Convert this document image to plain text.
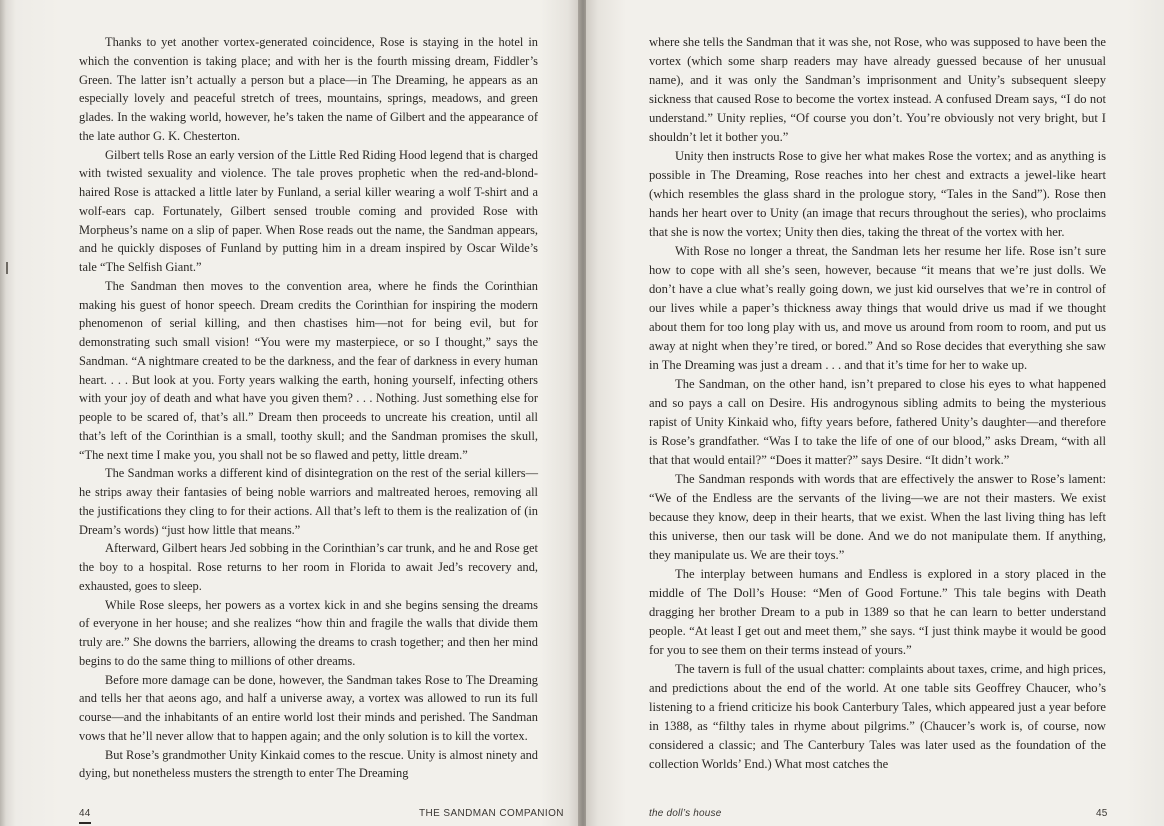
Thanks to yet another vortex-generated coincidence, Rose is staying in the hotel in which the convention is taking place; and with her is the fourth missing dream, Fiddler’s Green. The latter isn’t actually a person but a place—in The Dreaming, he appears as an especially lovely and peaceful stretch of trees, mountains, springs, meadows, and green glades. In the waking world, however, he’s taken the name of Gilbert and the appearance of the late author G. K. Chesterton.

Gilbert tells Rose an early version of the Little Red Riding Hood legend that is charged with twisted sexuality and violence. The tale proves prophetic when the red-and-blond-haired Rose is attacked a little later by Funland, a serial killer wearing a wolf T-shirt and a wolf-ears cap. Fortunately, Gilbert sensed trouble coming and provided Rose with Morpheus’s name on a slip of paper. When Rose reads out the name, the Sandman appears, and he quickly disposes of Funland by putting him in a dream inspired by Oscar Wilde’s tale “The Selfish Giant.”

The Sandman then moves to the convention area, where he finds the Corinthian making his guest of honor speech. Dream credits the Corinthian for inspiring the modern phenomenon of serial killing, and then chastises him—not for being evil, but for demonstrating such small vision! “You were my masterpiece, or so I thought,” says the Sandman. “A nightmare created to be the darkness, and the fear of darkness in every human heart. . . . But look at you. Forty years walking the earth, honing yourself, infecting others with your joy of death and what have you given them? . . . Nothing. Just something else for people to be scared of, that’s all.” Dream then proceeds to uncreate his creation, until all that’s left of the Corinthian is a small, toothy skull; and the Sandman promises the skull, “The next time I make you, you shall not be so flawed and petty, little dream.”

The Sandman works a different kind of disintegration on the rest of the serial killers—he strips away their fantasies of being noble warriors and maltreated heroes, removing all the justifications they cling to for their actions. All that’s left to them is the realization of (in Dream’s words) “just how little that means.”

Afterward, Gilbert hears Jed sobbing in the Corinthian’s car trunk, and he and Rose get the boy to a hospital. Rose returns to her room in Florida to await Jed’s recovery and, exhausted, goes to sleep.

While Rose sleeps, her powers as a vortex kick in and she begins sensing the dreams of everyone in her house; and she realizes “how thin and fragile the walls that divide them truly are.” She downs the barriers, allowing the dreams to crash together; and then her mind begins to do the same thing to millions of other dreams.

Before more damage can be done, however, the Sandman takes Rose to The Dreaming and tells her that aeons ago, and half a universe away, a vortex was allowed to run its full course—and the inhabitants of an entire world lost their minds and perished. The Sandman vows that he’ll never allow that to happen again; and the only solution is to kill the vortex.

But Rose’s grandmother Unity Kinkaid comes to the rescue. Unity is almost ninety and dying, but nonetheless musters the strength to enter The Dreaming

44	THE SANDMAN COMPANION

where she tells the Sandman that it was she, not Rose, who was supposed to have been the vortex (which some sharp readers may have already guessed because of her unusual name), and it was only the Sandman’s imprisonment and Unity’s subsequent sleepy sickness that caused Rose to become the vortex instead. A confused Dream says, “I do not understand.” Unity replies, “Of course you don’t. You’re obviously not very bright, but I shouldn’t let it bother you.”

Unity then instructs Rose to give her what makes Rose the vortex; and as anything is possible in The Dreaming, Rose reaches into her chest and extracts a jewel-like heart (which resembles the glass shard in the prologue story, “Tales in the Sand”). Rose then hands her heart over to Unity (an image that recurs throughout the series), who proclaims that she is now the vortex; Unity then dies, taking the threat of the vortex with her.

With Rose no longer a threat, the Sandman lets her resume her life. Rose isn’t sure how to cope with all she’s seen, however, because “it means that we’re just dolls. We don’t have a clue what’s really going down, we just kid ourselves that we’re in control of our lives while a paper’s thickness away things that would drive us mad if we thought about them for too long play with us, and move us around from room to room, and put us away at night when they’re tired, or bored.” And so Rose decides that everything she saw in The Dreaming was just a dream . . . and that it’s time for her to wake up.

The Sandman, on the other hand, isn’t prepared to close his eyes to what happened and so pays a call on Desire. His androgynous sibling admits to being the mysterious rapist of Unity Kinkaid who, fifty years before, fathered Unity’s daughter—and therefore is Rose’s grandfather. “Was I to take the life of one of our blood,” asks Dream, “with all that that would entail?” “Does it matter?” says Desire. “It didn’t work.”

The Sandman responds with words that are effectively the answer to Rose’s lament: “We of the Endless are the servants of the living—we are not their masters. We exist because they know, deep in their hearts, that we exist. When the last living thing has left this universe, then our task will be done. And we do not manipulate them. If anything, they manipulate us. We are their toys.”

The interplay between humans and Endless is explored in a story placed in the middle of The Doll’s House: “Men of Good Fortune.” This tale begins with Death dragging her brother Dream to a pub in 1389 so that he can learn to better understand people. “At least I get out and meet them,” she says. “I just think maybe it would be good for you to see them on their terms instead of yours.”

The tavern is full of the usual chatter: complaints about taxes, crime, and high prices, and predictions about the end of the world. At one table sits Geoffrey Chaucer, who’s listening to a friend criticize his book Canterbury Tales, which appeared just a year before in 1388, as “filthy tales in rhyme about pilgrims.” (Chaucer’s work is, of course, now considered a classic; and The Canterbury Tales was later used as the foundation of the collection Worlds’ End.) What most catches the

the doll’s house	45
